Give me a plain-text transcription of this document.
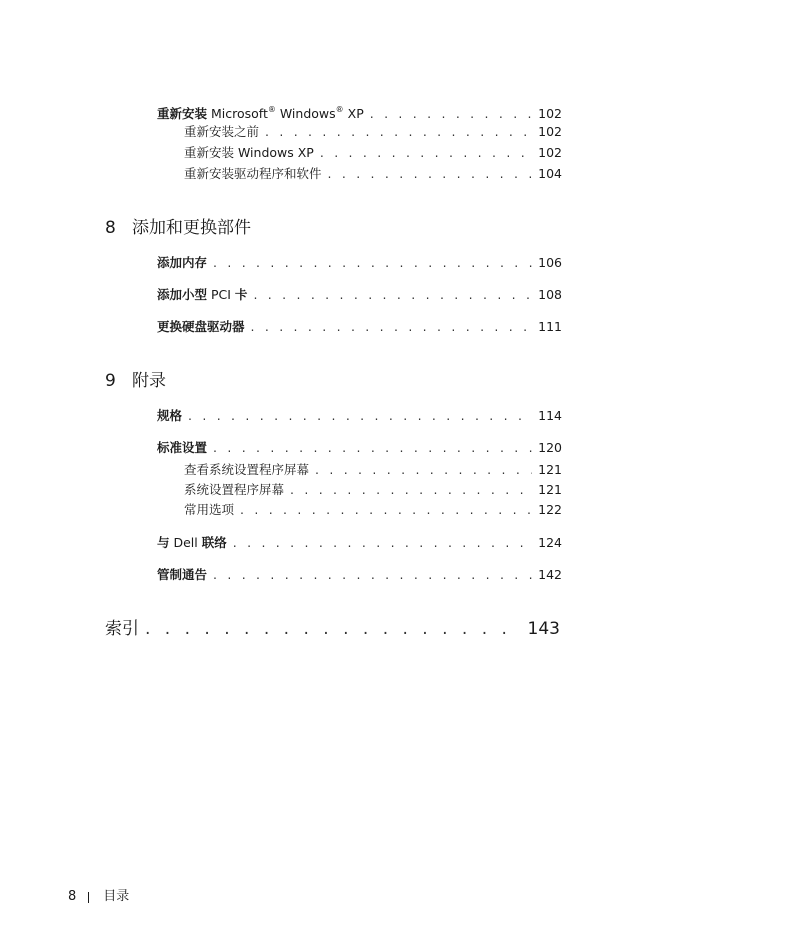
重新安装 Microsoft® Windows® XP . . .	102
重新安装之前 . . .	102
重新安装 Windows XP . . .	102
重新安装驱动程序和软件 . . .	104
8 添加和更换部件
添加内存 . . .	106
添加小型 PCI 卡 . . .	108
更换硬盘驱动器 . . .	111
9 附录
规格 . . .	114
标准设置 . . .	120
查看系统设置程序屏幕 . . .	121
系统设置程序屏幕 . . .	121
常用选项 . . .	122
与 Dell 联络 . . .	124
管制通告 . . .	142
索引 . . .	143
8 目录
